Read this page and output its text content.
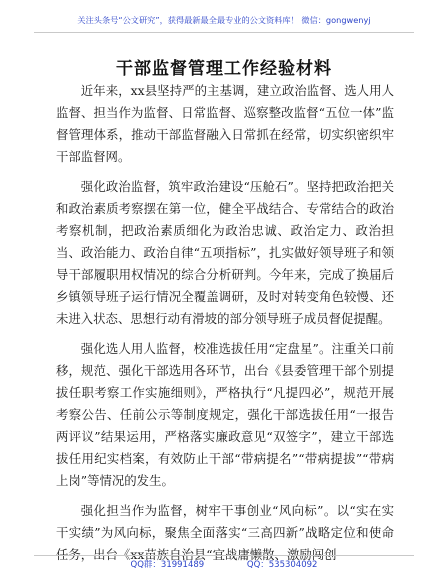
关注头条号“公文研究”，获得最新最全最专业的公文资料库！ 微信：gongwenyj
干部监督管理工作经验材料

近年来，xx县坚持严的主基调，建立政治监督、选人用人监督、担当作为监督、日常监督、巡察整改监督“五位一体”监督管理体系，推动干部监督融入日常抓在经常，切实织密织牢干部监督网。

强化政治监督，筑牢政治建设“压舱石”。坚持把政治把关和政治素质考察摆在第一位，健全平战结合、专常结合的政治考察机制，把政治素质细化为政治忠诚、政治定力、政治担当、政治能力、政治自律“五项指标”，扎实做好领导班子和领导干部履职用权情况的综合分析研判。今年来，完成了换届后乡镇领导班子运行情况全覆盖调研，及时对转变角色较慢、还未进入状态、思想行动有滑坡的部分领导班子成员督促提醒。

强化选人用人监督，校准选拔任用“定盘星”。注重关口前移，规范、强化干部选用各环节，出台《县委管理干部个别提拔任职考察工作实施细则》，严格执行“凡提四必”，规范开展考察公告、任前公示等制度规定，强化干部选拔任用“一报告两评议”结果运用，严格落实廉政意见“双签字”，建立干部选拔任用纪实档案，有效防止干部“带病提名”“带病提拔”“带病上岗”等情况的发生。

强化担当作为监督，树牢干事创业“风向标”。以“实在实干实绩”为风向标，聚焦全面落实“三高四新”战略定位和使命任务，出台《xx苗族自治县“宜战庸懒散、激励闯创

QQ群：31991489	QQ：535304092
